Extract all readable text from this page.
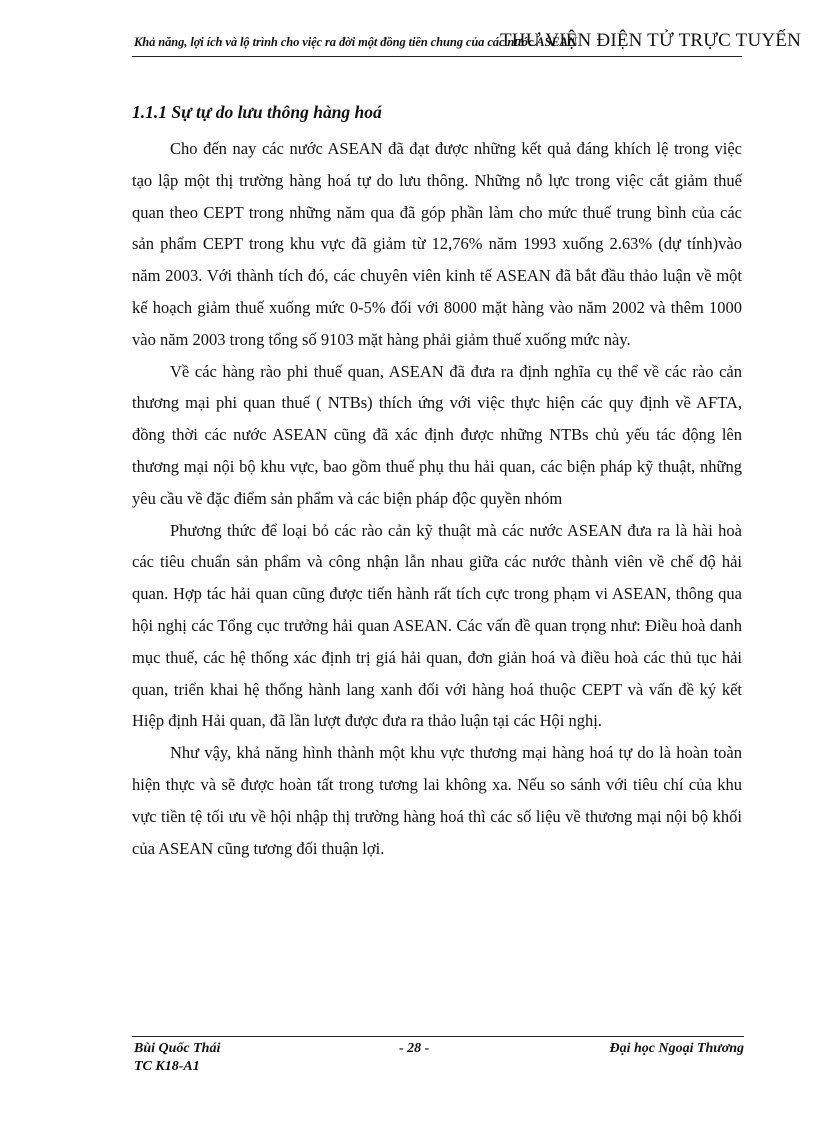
Khả năng, lợi ích và lộ trình cho việc ra đời một đồng tiền chung của các nước ASEAN
THƯ VIỆN ĐIỆN TỬ TRỰC TUYẾN
1.1.1 Sự tự do lưu thông hàng hoá

Cho đến nay các nước ASEAN đã đạt được những kết quả đáng khích lệ trong việc tạo lập một thị trường hàng hoá tự do lưu thông. Những nỗ lực trong việc cắt giảm thuế quan theo CEPT trong những năm qua đã góp phần làm cho mức thuế trung bình của các sản phẩm CEPT trong khu vực đã giảm từ 12,76% năm 1993 xuống 2.63% (dự tính)vào năm 2003. Với thành tích đó, các chuyên viên kinh tế ASEAN đã bắt đầu thảo luận về một kế hoạch giảm thuế xuống mức 0-5% đối với 8000 mặt hàng vào năm 2002 và thêm 1000 vào năm 2003 trong tổng số 9103 mặt hàng phải giảm thuế xuống mức này.

Về các hàng rào phi thuế quan, ASEAN đã đưa ra định nghĩa cụ thể về các rào cản thương mại phi quan thuế ( NTBs) thích ứng với việc thực hiện các quy định về AFTA, đồng thời các nước ASEAN cũng đã xác định được những NTBs chủ yếu tác động lên thương mại nội bộ khu vực, bao gồm thuế phụ thu hải quan, các biện pháp kỹ thuật, những yêu cầu về đặc điểm sản phẩm và các biện pháp độc quyền nhóm

Phương thức để loại bỏ các rào cản kỹ thuật mà các nước ASEAN đưa ra là hài hoà các tiêu chuẩn sản phẩm và công nhận lẫn nhau giữa các nước thành viên về chế độ hải quan. Hợp tác hải quan cũng được tiến hành rất tích cực trong phạm vi ASEAN, thông qua hội nghị các Tổng cục trưởng hải quan ASEAN. Các vấn đề quan trọng như: Điều hoà danh mục thuế, các hệ thống xác định trị giá hải quan, đơn giản hoá và điều hoà các thủ tục hải quan, triển khai hệ thống hành lang xanh đối với hàng hoá thuộc CEPT và vấn đề ký kết Hiệp định Hải quan, đã lần lượt được đưa ra thảo luận tại các Hội nghị.

Như vậy, khả năng hình thành một khu vực thương mại hàng hoá tự do là hoàn toàn hiện thực và sẽ được hoàn tất trong tương lai không xa. Nếu so sánh với tiêu chí của khu vực tiền tệ tối ưu về hội nhập thị trường hàng hoá thì các số liệu về thương mại nội bộ khối của ASEAN cũng tương đối thuận lợi.

Bùi Quốc Thái
TC K18-A1
- 28 -	Đại học Ngoại Thương
